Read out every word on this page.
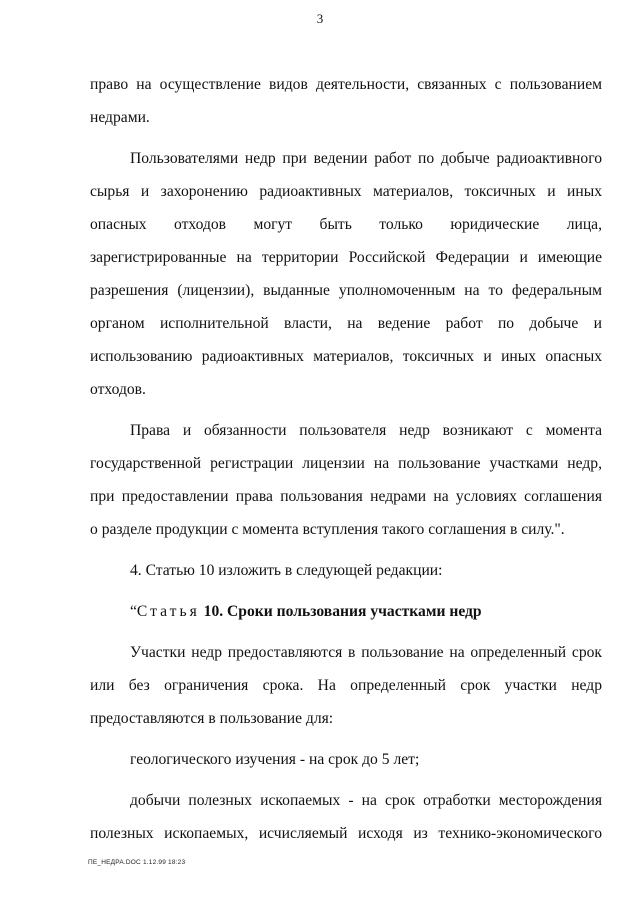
3

право на осуществление видов деятельности, связанных с пользованием
недрами.

Пользователями недр при ведении работ по добыче радиоактивного
сырья и захоронению радиоактивных материалов, токсичных и иных
опасных отходов могут быть только юридические лица,
зарегистрированные на территории Российской Федерации и имеющие
разрешения (лицензии), выданные уполномоченным на то федеральным
органом исполнительной власти, на ведение работ по добыче и
использованию радиоактивных материалов, токсичных и иных опасных
отходов.

Права и обязанности пользователя недр возникают с момента
государственной регистрации лицензии на пользование участками недр,
при предоставлении права пользования недрами на условиях соглашения
о разделе продукции с момента вступления такого соглашения в силу.".

4. Статью 10 изложить в следующей редакции:

“Статья 10. Сроки пользования участками недр

Участки недр предоставляются в пользование на определенный срок
или без ограничения срока. На определенный срок участки недр
предоставляются в пользование для:

геологического изучения - на срок до 5 лет;

добычи полезных ископаемых - на срок отработки месторождения
полезных ископаемых, исчисляемый исходя из технико-экономического

ПЕ_НЕДРА.DOC 1.12.99 18:23
